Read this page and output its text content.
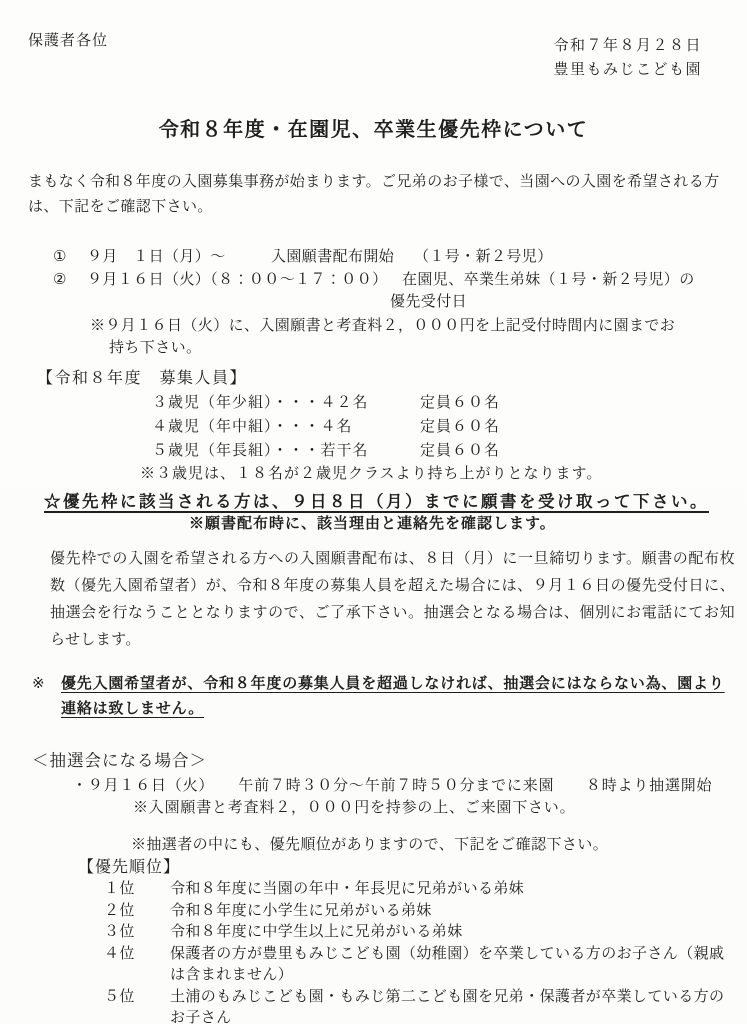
保護者各位	令和７年８月２８日
豊里もみじこども園
令和８年度・在園児、卒業生優先枠について
まもなく令和８年度の入園募集事務が始まります。ご兄弟のお子様で、当園への入園を希望される方は、下記をご確認下さい。
①	９月　１日（月）～	入園願書配布開始	（１号・新２号児）
②	９月１６日（火）（８：００～１７：００） 在園児、卒業生弟妹（１号・新２号児）の
優先受付日
※９月１６日（火）に、入園願書と考査料２，０００円を上記受付時間内に園までお持ち下さい。
【令和８年度　募集人員】
３歳児（年少組）・・・４２名	定員６０名
４歳児（年中組）・・・４名	定員６０名
５歳児（年長組）・・・若干名	定員６０名
※３歳児は、１８名が２歳児クラスより持ち上がりとなります。
☆優先枠に該当される方は、９日８日（月）までに願書を受け取って下さい。
※願書配布時に、該当理由と連絡先を確認します。
優先枠での入園を希望される方への入園願書配布は、８日（月）に一旦締切ります。願書の配布枚数（優先入園希望者）が、令和８年度の募集人員を超えた場合には、９月１６日の優先受付日に、抽選会を行なうこととなりますので、ご了承下さい。抽選会となる場合は、個別にお電話にてお知らせします。
※	優先入園希望者が、令和８年度の募集人員を超過しなければ、抽選会にはならない為、園より連絡は致しません。
＜抽選会になる場合＞
・９月１６日（火）　　午前７時３０分～午前７時５０分までに来園　　８時より抽選開始
※入園願書と考査料２，０００円を持参の上、ご来園下さい。
※抽選者の中にも、優先順位がありますので、下記をご確認下さい。
【優先順位】
１位	令和８年度に当園の年中・年長児に兄弟がいる弟妹
２位	令和８年度に小学生に兄弟がいる弟妹
３位	令和８年度に中学生以上に兄弟がいる弟妹
４位	保護者の方が豊里もみじこども園（幼稚園）を卒業している方のお子さん（親戚は含まれません）
５位	土浦のもみじこども園・もみじ第二こども園を兄弟・保護者が卒業している方のお子さん
